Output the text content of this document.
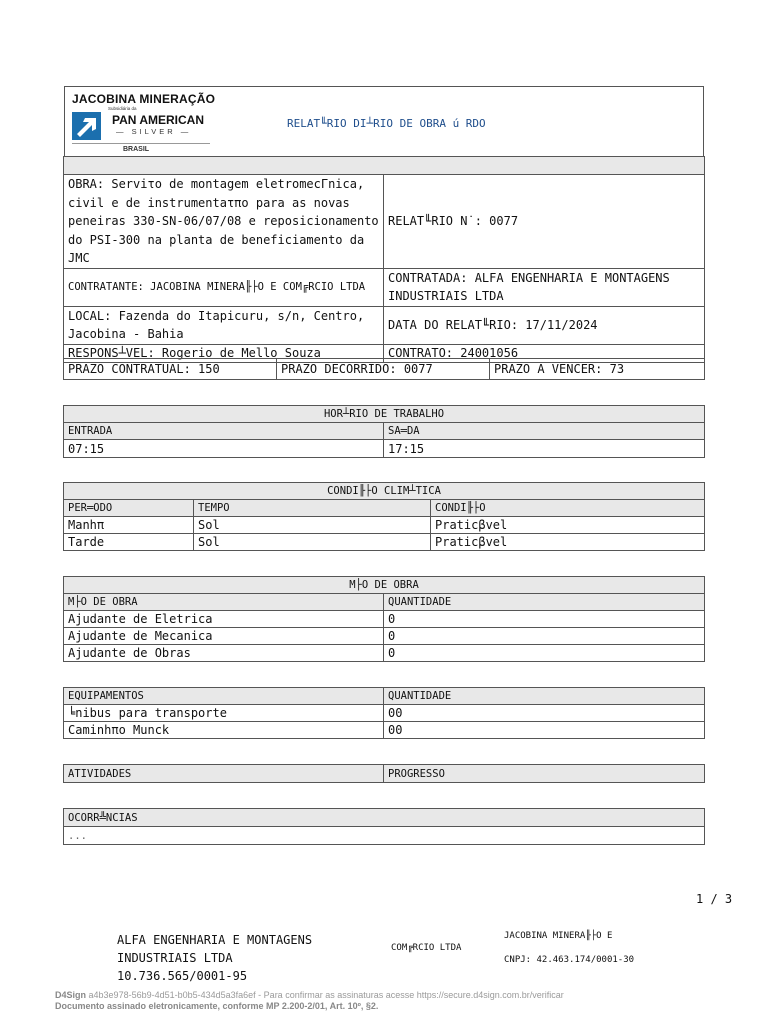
JACOBINA MINERAÇÃO
Subsidiária da
PAN AMERICAN
— SILVER —
BRASIL
RELAT╙RIO DI┴RIO DE OBRA ú RDO

OBRA: Serviτo de montagem eletromecΓnica, civil e de instrumentaτπo para as novas peneiras 330-SN-06/07/08 e reposicionamento do PSI-300 na planta de beneficiamento da JMC	RELAT╙RIO N˙: 0077
CONTRATANTE: JACOBINA MINERA╟├O E COM╔RCIO LTDA	CONTRATADA: ALFA ENGENHARIA E MONTAGENS INDUSTRIAIS LTDA
LOCAL: Fazenda do Itapicuru, s/n, Centro, Jacobina - Bahia	DATA DO RELAT╙RIO: 17/11/2024
RESPONS┴VEL: Rogerio de Mello Souza	CONTRATO: 24001056
PRAZO CONTRATUAL: 150	PRAZO DECORRIDO: 0077	PRAZO A VENCER: 73
HOR┴RIO DE TRABALHO	
ENTRADA	SA═DA
07:15	17:15
CONDI╟├O CLIM┴TICA		
PER═ODO	TEMPO	CONDI╟├O
Manhπ	Sol	Praticβvel
Tarde	Sol	Praticβvel
M├O DE OBRA	
M├O DE OBRA	QUANTIDADE
Ajudante de Eletrica	0
Ajudante de Mecanica	0
Ajudante de Obras	0
EQUIPAMENTOS	QUANTIDADE
╘nibus para transporte	00
Caminhπo Munck	00
ATIVIDADES	PROGRESSO
OCORR╩NCIAS
...
1 / 3
ALFA ENGENHARIA E MONTAGENS
INDUSTRIAIS LTDA
10.736.565/0001-95
COM╔RCIO LTDA
JACOBINA MINERA╟├O E
CNPJ: 42.463.174/0001-30
D4Sign a4b3e978-56b9-4d51-b0b5-434d5a3fa6ef - Para confirmar as assinaturas acesse https://secure.d4sign.com.br/verificar
Documento assinado eletronicamente, conforme MP 2.200-2/01, Art. 10º, §2.
